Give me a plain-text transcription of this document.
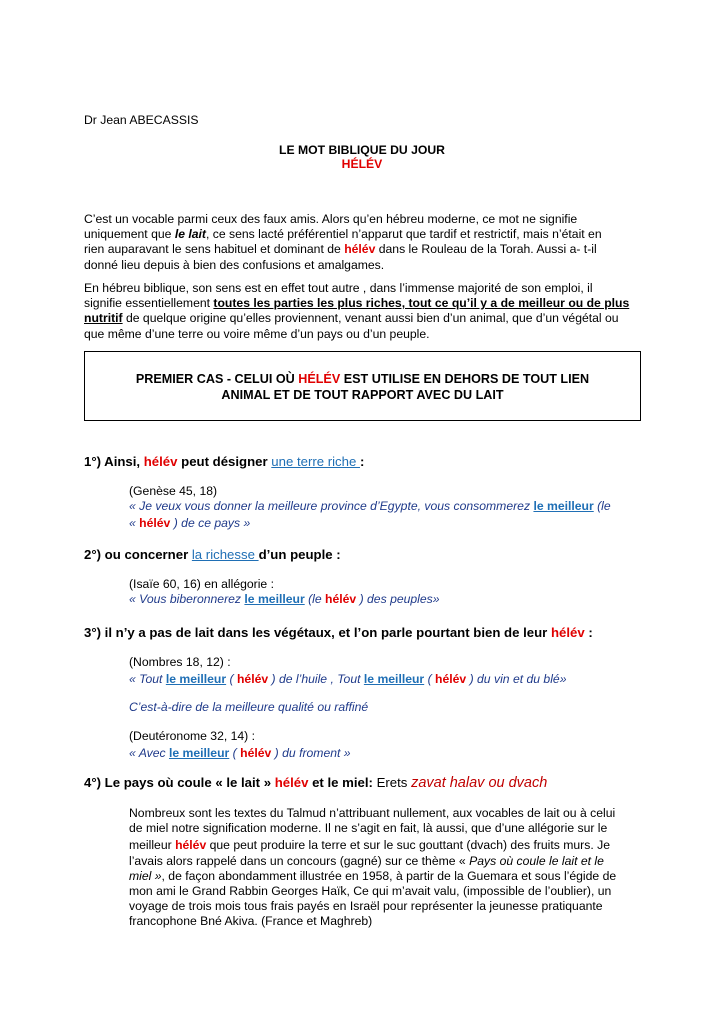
Dr Jean ABECASSIS
LE MOT BIBLIQUE DU JOUR
HÉLÉV
C’est un vocable parmi ceux des faux amis. Alors qu’en hébreu moderne, ce mot ne signifie
uniquement que le lait, ce sens lacté préférentiel n’apparut que tardif et restrictif, mais n’était en
rien auparavant le sens habituel et dominant de hélév dans le Rouleau de la Torah. Aussi a- t-il
donné lieu depuis à bien des confusions et amalgames.
En hébreu biblique, son sens est en effet tout autre , dans l’immense majorité de son emploi, il
signifie essentiellement toutes les parties les plus riches, tout ce qu’il y a de meilleur ou de plus
nutritif de quelque origine qu’elles proviennent, venant aussi bien d’un animal, que d’un végétal ou
que même d’une terre ou voire même d’un pays ou d’un peuple.
PREMIER CAS - CELUI OÙ HÉLÉV EST UTILISE EN DEHORS DE TOUT LIEN
ANIMAL ET DE TOUT RAPPORT AVEC DU LAIT
1°) Ainsi, hélév peut désigner une terre riche :
(Genèse 45, 18)
« Je veux vous donner la meilleure province d’Egypte, vous consommerez le meilleur (le
« hélév ) de ce pays »
2°) ou concerner la richesse d’un peuple :
(Isaïe 60, 16) en allégorie :
« Vous biberonnerez le meilleur (le hélév ) des peuples»
3°) il n’y a pas de lait dans les végétaux, et l’on parle pourtant bien de leur hélév :
(Nombres 18, 12) :
« Tout le meilleur ( hélév ) de l’huile , Tout le meilleur ( hélév ) du vin et du blé»
C’est-à-dire de la meilleure qualité ou raffiné
(Deutéronome 32, 14) :
« Avec le meilleur ( hélév ) du froment »
4°) Le pays où coule « le lait » hélév et le miel: Erets zavat halav ou dvach
Nombreux sont les textes du Talmud n’attribuant nullement, aux vocables de lait ou à celui
de miel notre signification moderne. Il ne s’agit en fait, là aussi, que d’une allégorie sur le
meilleur hélév que peut produire la terre et sur le suc gouttant (dvach) des fruits murs. Je
l’avais alors rappelé dans un concours (gagné) sur ce thème « Pays où coule le lait et le
miel », de façon abondamment illustrée en 1958, à partir de la Guemara et sous l’égide de
mon ami le Grand Rabbin Georges Haïk, Ce qui m’avait valu, (impossible de l’oublier), un
voyage de trois mois tous frais payés en Israël pour représenter la jeunesse pratiquante
francophone Bné Akiva. (France et Maghreb)
